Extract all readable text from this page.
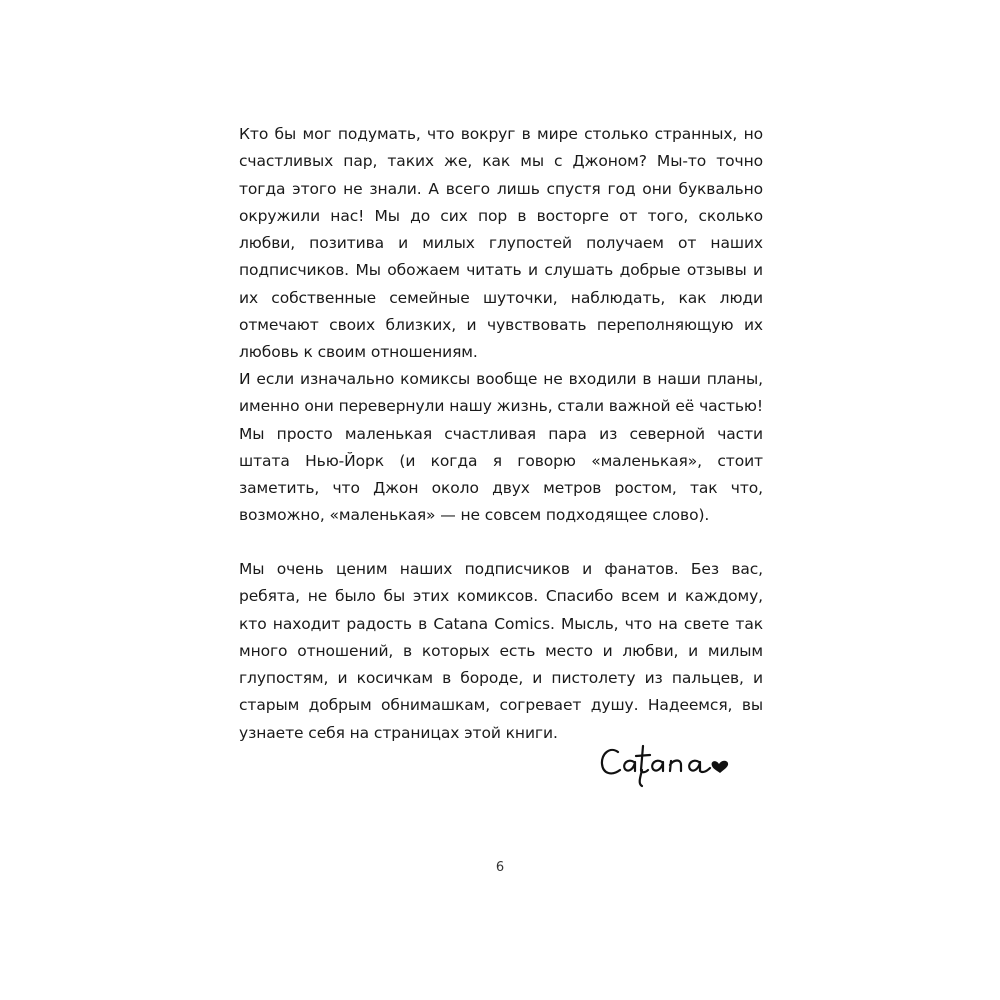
Кто бы мог подумать, что вокруг в мире столько странных, но счастливых пар, таких же, как мы с Джоном? Мы-то точно тогда этого не знали. А всего лишь спустя год они буквально окружили нас! Мы до сих пор в восторге от того, сколько любви, позитива и милых глупостей получаем от наших подписчиков. Мы обожаем читать и слушать добрые отзывы и их собственные семейные шуточки, наблюдать, как люди отмечают своих близких, и чувствовать переполняющую их любовь к своим отношениям.

И если изначально комиксы вообще не входили в наши планы, именно они перевернули нашу жизнь, стали важной её частью! Мы просто маленькая счастливая пара из северной части штата Нью-Йорк (и когда я говорю «маленькая», стоит заметить, что Джон около двух метров ростом, так что, возможно, «маленькая» — не совсем подходящее слово).

Мы очень ценим наших подписчиков и фанатов. Без вас, ребята, не было бы этих комиксов. Спасибо всем и каждому, кто находит радость в Catana Comics. Мысль, что на свете так много отношений, в которых есть место и любви, и милым глупостям, и косичкам в бороде, и пистолету из пальцев, и старым добрым обнимашкам, согревает душу. Надеемся, вы узнаете себя на страницах этой книги.

6
